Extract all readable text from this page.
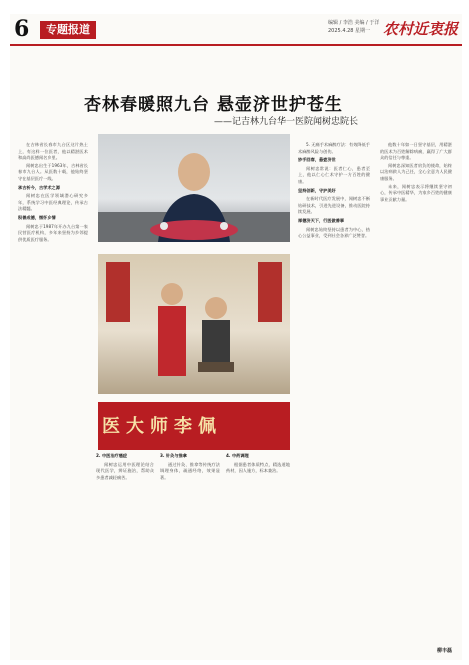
6	专题报道	编辑 / 李浩 美编 / 于洋
2025.4.28 星期一 农村近衷报
杏林春暖照九台 悬壶济世护苍生
——记吉林九台华一医院闻树忠院长

在吉林省长春市九台区这片热土上，有这样一位医者，他以精湛医术和高尚医德闻名乡里。

闻树忠出生于1963年，吉林省长春市九台人。从医数十载，他始终坚守在基层医疗一线。

承古析今，古学术之源

闻树忠在医学领域潜心研究多年，系统学习中医经典理论，传承古法精髓。

积善成德，惬怀乡情

闻树忠于1987年开办九台第一家民营医疗机构，多年来坚持为乡邻提供优质医疗服务。

医大师李佩

2. 中医治疗癌症

闻树忠运用中医理论结合现代医学，辨证施治，帮助众多患者减轻痛苦。

3. 针灸与推拿

通过针灸、推拿等传统疗法调理身体，疏通经络，效果显著。

4. 中药调理

根据患者体质特点，精选道地药材，因人施方，标本兼治。

5. 无痛手术麻醉疗法：有效降低手术麻醉风险与创伤。

妙手回春，悬壶济世

闻树忠常说：医者仁心，患者至上，他以仁心仁术守护一方百姓的健康。

坚持创新，守护美好

在新时代医疗发展中，闻树忠不断钻研技术，引进先进设备，推动医院持续发展。

厚德济天下，行医做善事

闻树忠始终坚持以患者为中心，热心公益事业，受到社会各界广泛赞誉。

他数十年如一日坚守基层，用精湛的医术为百姓解除病痛，赢得了广大群众的信任与尊重。

闻树忠深知医者肩负的使命，始终以治病救人为己任，全心全意为人民健康服务。

未来，闻树忠表示将继续坚守初心，传承中医精华，为家乡百姓的健康事业贡献力量。

柳丰磊
